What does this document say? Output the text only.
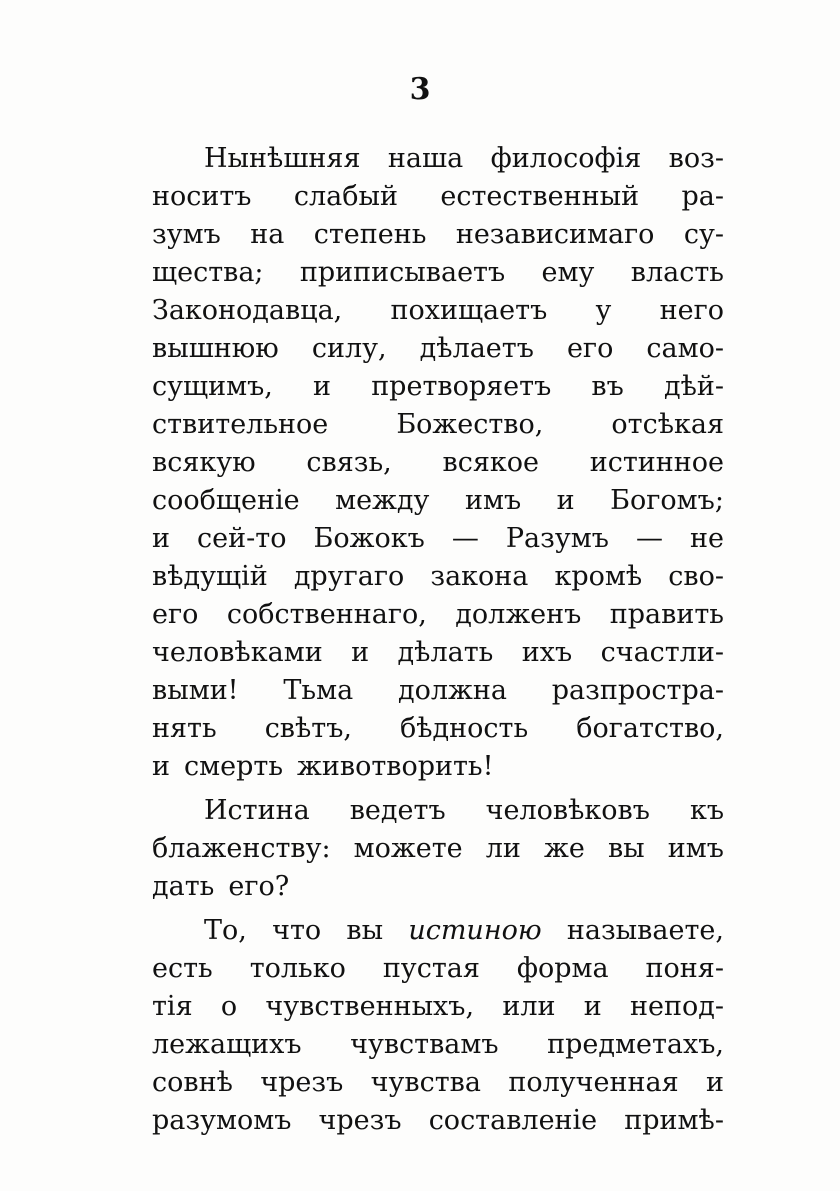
3
Нынѣшняя наша философія воз-
носитъ слабый естественный ра-
зумъ на степень независимаго су-
щества; приписываетъ ему власть
Законодавца, похищаетъ у него
вышнюю силу, дѣлаетъ его само-
сущимъ, и претворяетъ въ дѣй-
ствительное	Божество,	отсѣкая
всякую связь, всякое истинное
сообщеніе между имъ и Богомъ;
и сей-то Божокъ — Разумъ — не
вѣдущій другаго закона кромѣ сво-
его собственнаго, долженъ править
человѣками и дѣлать ихъ счастли-
выми! Тьма должна разпростра-
нять свѣтъ, бѣдность богатство,
и смерть животворить!
Истина ведетъ человѣковъ къ
блаженству: можете ли же вы имъ
дать его?
То, что вы истиною называете,
есть только пустая форма поня-
тія о чувственныхъ, или и непод-
лежащихъ чувствамъ предметахъ,
совнѣ чрезъ чувства полученная и
разумомъ чрезъ составленіе примѣ-
